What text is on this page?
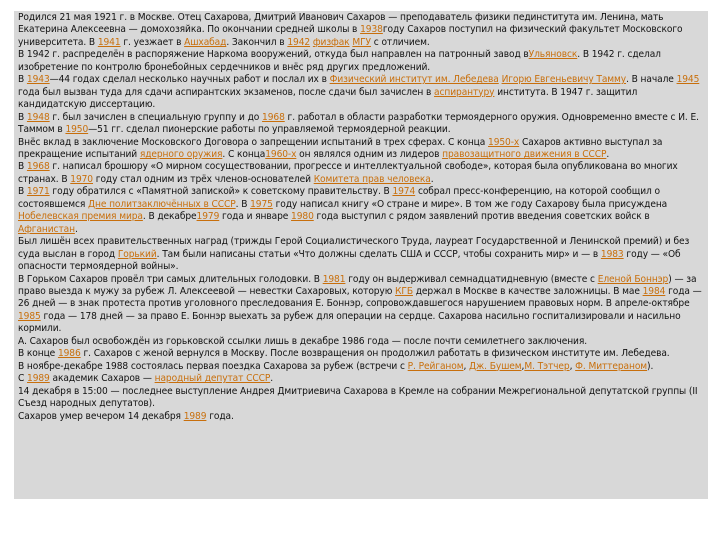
Родился 21 мая 1921 г. в Москве. Отец Сахарова, Дмитрий Иванович Сахаров — преподаватель физики пединститута им. Ленина, мать Екатерина Алексеевна — домохозяйка. По окончании средней школы в 1938году Сахаров поступил на физический факультет Московского университета. В 1941 г. уезжает в Ашхабад. Закончил в 1942 физфак МГУ с отличием.

В 1942 г. распределён в распоряжение Наркома вооружений, откуда был направлен на патронный завод вУльяновск. В 1942 г. сделал изобретение по контролю бронебойных сердечников и внёс ряд других предложений.

В 1943—44 годах сделал несколько научных работ и послал их в Физический институт им. Лебедева Игорю Евгеньевичу Тамму. В начале 1945 года был вызван туда для сдачи аспирантских экзаменов, после сдачи был зачислен в аспирантуру института. В 1947 г. защитил кандидатскую диссертацию.

В 1948 г. был зачислен в специальную группу и до 1968 г. работал в области разработки термоядерного оружия. Одновременно вместе с И. Е. Таммом в 1950—51 гг. сделал пионерские работы по управляемой термоядерной реакции.

Внёс вклад в заключение Московского Договора о запрещении испытаний в трех сферах. С конца 1950-х Сахаров активно выступал за прекращение испытаний ядерного оружия. С конца1960-х он являлся одним из лидеров правозащитного движения в СССР.

В 1968 г. написал брошюру «О мирном сосуществовании, прогрессе и интеллектуальной свободе», которая была опубликована во многих странах. В 1970 году стал одним из трёх членов-основателей Комитета прав человека.

В 1971 году обратился с «Памятной запиской» к советскому правительству. В 1974 собрал пресс-конференцию, на которой сообщил о состоявшемся Дне политзаключённых в СССР. В 1975 году написал книгу «О стране и мире». В том же году Сахарову была присуждена Нобелевская премия мира. В декабре1979 года и январе 1980 года выступил с рядом заявлений против введения советских войск в Афганистан.

Был лишён всех правительственных наград (трижды Герой Социалистического Труда, лауреат Государственной и Ленинской премий) и без суда выслан в город Горький. Там были написаны статьи «Что должны сделать США и СССР, чтобы сохранить мир» и — в 1983 году — «Об опасности термоядерной войны».

В Горьком Сахаров провёл три самых длительных голодовки. В 1981 году он выдерживал семнадцатидневную (вместе с Еленой Боннэр) — за право выезда к мужу за рубеж Л. Алексеевой — невестки Сахаровых, которую КГБ держал в Москве в качестве заложницы. В мае 1984 года — 26 дней — в знак протеста против уголовного преследования Е. Боннэр, сопровождавшегося нарушением правовых норм. В апреле-октябре 1985 года — 178 дней — за право Е. Боннэр выехать за рубеж для операции на сердце. Сахарова насильно госпитализировали и насильно кормили.

А. Сахаров был освобождён из горьковской ссылки лишь в декабре 1986 года — после почти семилетнего заключения.

В конце 1986 г. Сахаров с женой вернулся в Москву. После возвращения он продолжил работать в физическом институте им. Лебедева.

В ноябре-декабре 1988 состоялась первая поездка Сахарова за рубеж (встречи с Р. Рейганом, Дж. Бушем,М. Тэтчер, Ф. Миттераном).

С 1989 академик Сахаров — народный депутат СССР.

14 декабря в 15:00 — последнее выступление Андрея Дмитриевича Сахарова в Кремле на собрании Межрегиональной депутатской группы (II Съезд народных депутатов).

Сахаров умер вечером 14 декабря 1989 года.
